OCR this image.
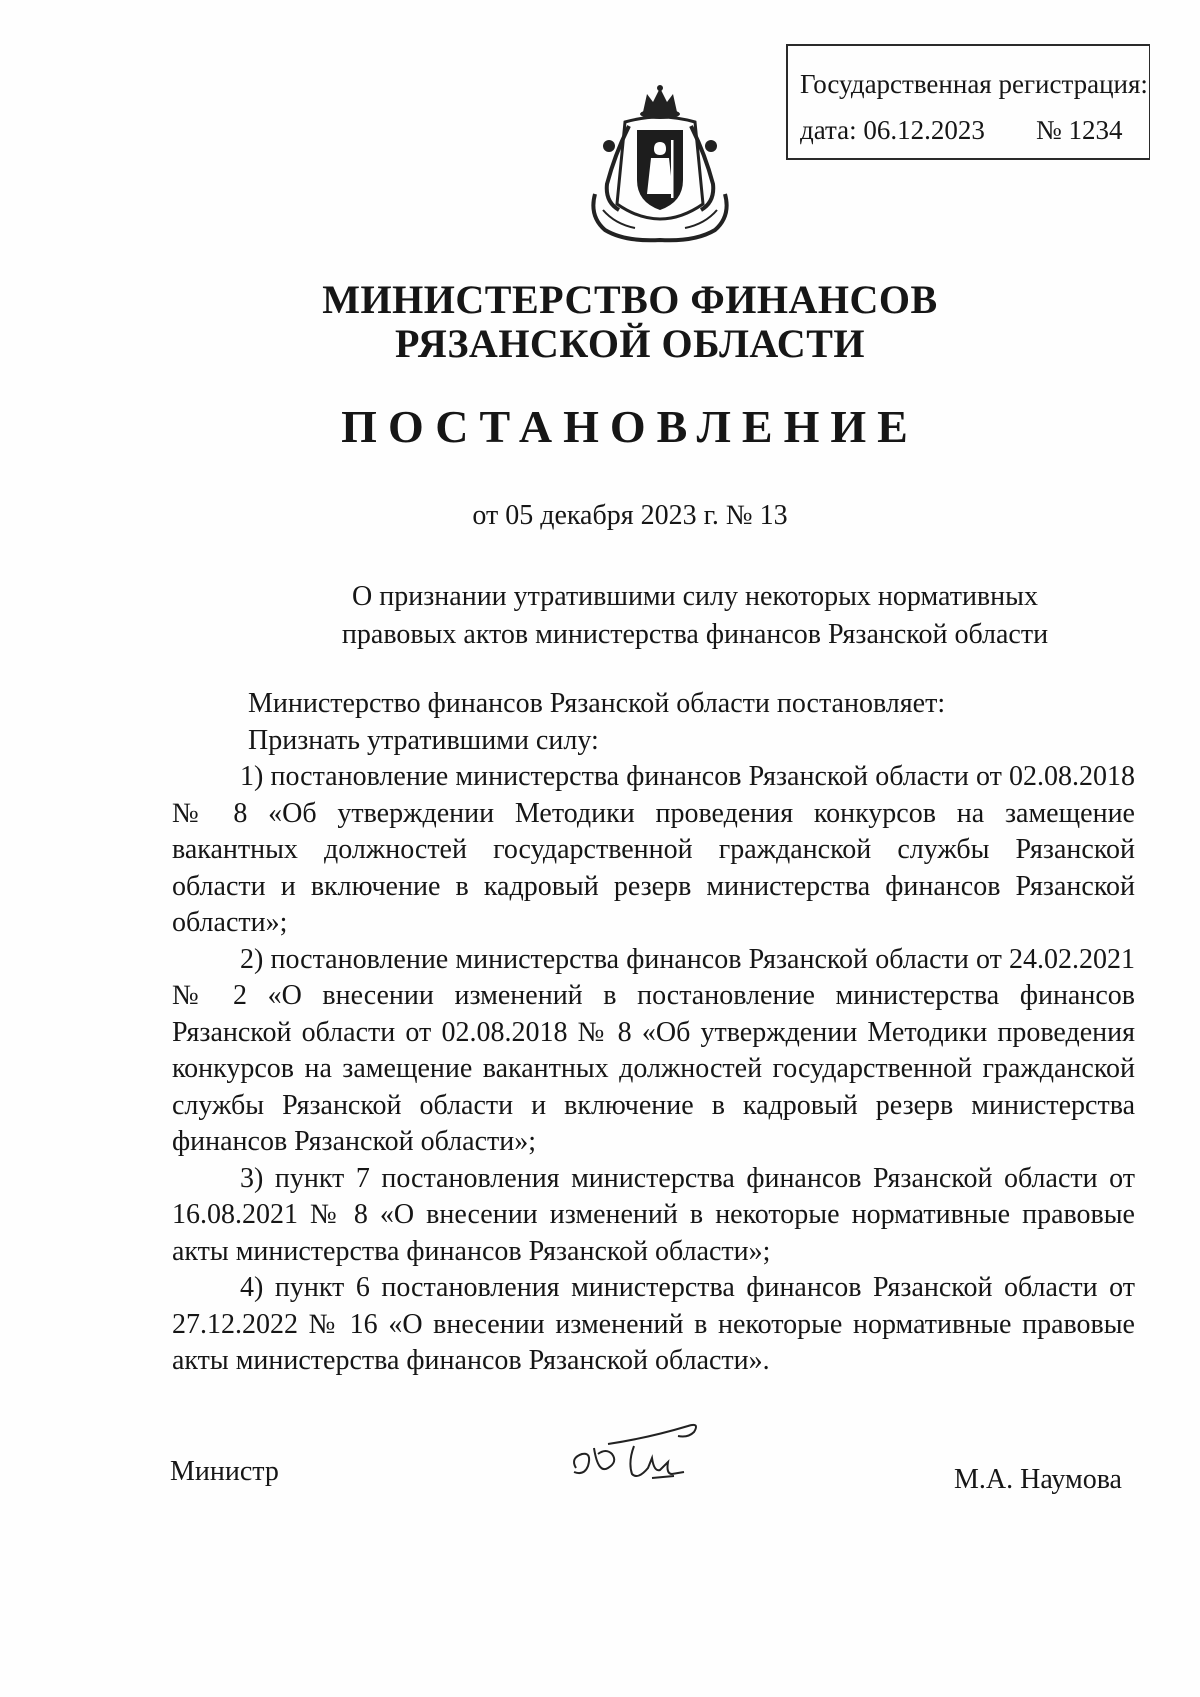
Государственная регистрация:
дата: 06.12.2023 № 1234
МИНИСТЕРСТВО ФИНАНСОВ
РЯЗАНСКОЙ ОБЛАСТИ
ПОСТАНОВЛЕНИЕ
от 05 декабря 2023 г. № 13
О признании утратившими силу некоторых нормативных
правовых актов министерства финансов Рязанской области

Министерство финансов Рязанской области постановляет:

Признать утратившими силу:

1) постановление министерства финансов Рязанской области от 02.08.2018 № 8 «Об утверждении Методики проведения конкурсов на замещение вакантных должностей государственной гражданской службы Рязанской области и включение в кадровый резерв министерства финансов Рязанской области»;

2) постановление министерства финансов Рязанской области от 24.02.2021 № 2 «О внесении изменений в постановление министерства финансов Рязанской области от 02.08.2018 № 8 «Об утверждении Методики проведения конкурсов на замещение вакантных должностей государственной гражданской службы Рязанской области и включение в кадровый резерв министерства финансов Рязанской области»;

3) пункт 7 постановления министерства финансов Рязанской области от 16.08.2021 № 8 «О внесении изменений в некоторые нормативные правовые акты министерства финансов Рязанской области»;

4) пункт 6 постановления министерства финансов Рязанской области от 27.12.2022 № 16 «О внесении изменений в некоторые нормативные правовые акты министерства финансов Рязанской области».

Министр	М.А. Наумова
